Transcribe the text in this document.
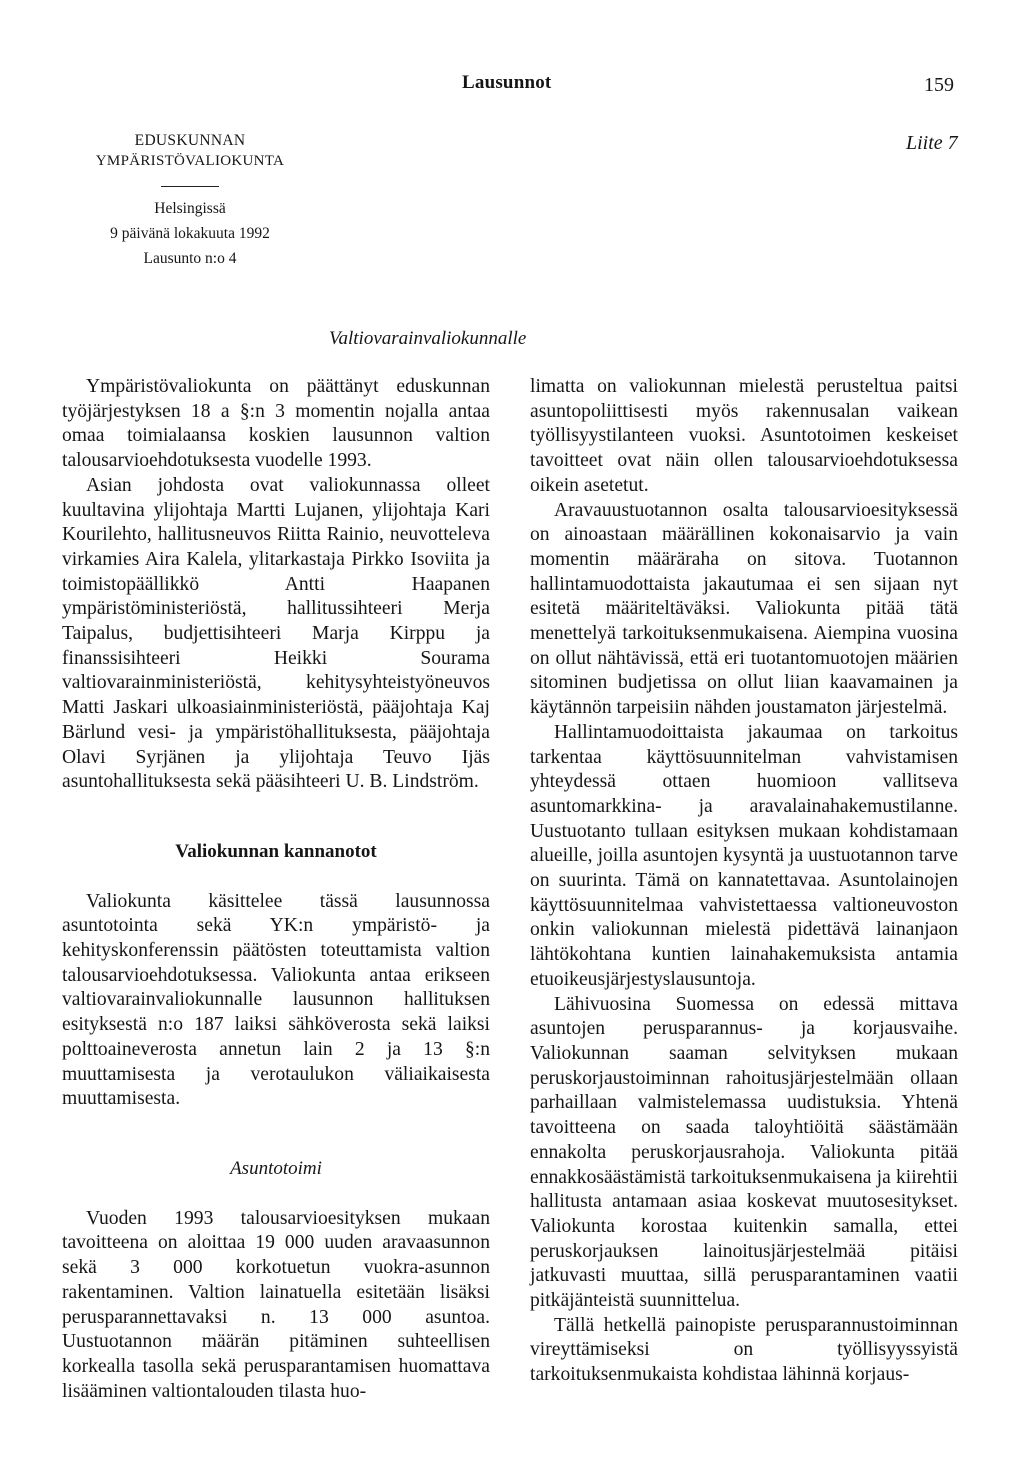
Lausunnot	159
Liite 7
EDUSKUNNAN
YMPÄRISTÖVALIOKUNTA
Helsingissä
9 päivänä lokakuuta 1992
Lausunto n:o 4
Valtiovarainvaliokunnalle

Ympäristövaliokunta on päättänyt eduskunnan työjärjestyksen 18 a §:n 3 momentin nojalla antaa omaa toimialaansa koskien lausunnon valtion talousarvioehdotuksesta vuodelle 1993.

Asian johdosta ovat valiokunnassa olleet kuultavina ylijohtaja Martti Lujanen, ylijohtaja Kari Kourilehto, hallitusneuvos Riitta Rainio, neuvotteleva virkamies Aira Kalela, ylitarkastaja Pirkko Isoviita ja toimistopäällikkö Antti Haapanen ympäristöministeriöstä, hallitussihteeri Merja Taipalus, budjettisihteeri Marja Kirppu ja finanssisihteeri Heikki Sourama valtiovarainministeriöstä, kehitysyhteistyöneuvos Matti Jaskari ulkoasiainministeriöstä, pääjohtaja Kaj Bärlund vesi- ja ympäristöhallituksesta, pääjohtaja Olavi Syrjänen ja ylijohtaja Teuvo Ijäs asuntohallituksesta sekä pääsihteeri U. B. Lindström.

Valiokunnan kannanotot

Valiokunta käsittelee tässä lausunnossa asuntotointa sekä YK:n ympäristö- ja kehityskonferenssin päätösten toteuttamista valtion talousarvioehdotuksessa. Valiokunta antaa erikseen valtiovarainvaliokunnalle lausunnon hallituksen esityksestä n:o 187 laiksi sähköverosta sekä laiksi polttoaineverosta annetun lain 2 ja 13 §:n muuttamisesta ja verotaulukon väliaikaisesta muuttamisesta.

Asuntotoimi

Vuoden 1993 talousarvioesityksen mukaan tavoitteena on aloittaa 19 000 uuden aravaasunnon sekä 3 000 korkotuetun vuokra-asunnon rakentaminen. Valtion lainatuella esitetään lisäksi perusparannettavaksi n. 13 000 asuntoa. Uustuotannon määrän pitäminen suhteellisen korkealla tasolla sekä perusparantamisen huomattava lisääminen valtiontalouden tilasta huo-

limatta on valiokunnan mielestä perusteltua paitsi asuntopoliittisesti myös rakennusalan vaikean työllisyystilanteen vuoksi. Asuntotoimen keskeiset tavoitteet ovat näin ollen talousarvioehdotuksessa oikein asetetut.

Aravauustuotannon osalta talousarvioesityksessä on ainoastaan määrällinen kokonaisarvio ja vain momentin määräraha on sitova. Tuotannon hallintamuodottaista jakautumaa ei sen sijaan nyt esitetä määriteltäväksi. Valiokunta pitää tätä menettelyä tarkoituksenmukaisena. Aiempina vuosina on ollut nähtävissä, että eri tuotantomuotojen määrien sitominen budjetissa on ollut liian kaavamainen ja käytännön tarpeisiin nähden joustamaton järjestelmä.

Hallintamuodoittaista jakaumaa on tarkoitus tarkentaa käyttösuunnitelman vahvistamisen yhteydessä ottaen huomioon vallitseva asuntomarkkina- ja aravalainahakemustilanne. Uustuotanto tullaan esityksen mukaan kohdistamaan alueille, joilla asuntojen kysyntä ja uustuotannon tarve on suurinta. Tämä on kannatettavaa. Asuntolainojen käyttösuunnitelmaa vahvistettaessa valtioneuvoston onkin valiokunnan mielestä pidettävä lainanjaon lähtökohtana kuntien lainahakemuksista antamia etuoikeusjärjestyslausuntoja.

Lähivuosina Suomessa on edessä mittava asuntojen perusparannus- ja korjausvaihe. Valiokunnan saaman selvityksen mukaan peruskorjaustoiminnan rahoitusjärjestelmään ollaan parhaillaan valmistelemassa uudistuksia. Yhtenä tavoitteena on saada taloyhtiöitä säästämään ennakolta peruskorjausrahoja. Valiokunta pitää ennakkosäästämistä tarkoituksenmukaisena ja kiirehtii hallitusta antamaan asiaa koskevat muutosesitykset. Valiokunta korostaa kuitenkin samalla, ettei peruskorjauksen lainoitusjärjestelmää pitäisi jatkuvasti muuttaa, sillä perusparantaminen vaatii pitkäjänteistä suunnittelua.

Tällä hetkellä painopiste perusparannustoiminnan vireyttämiseksi on työllisyyssyistä tarkoituksenmukaista kohdistaa lähinnä korjaus-
